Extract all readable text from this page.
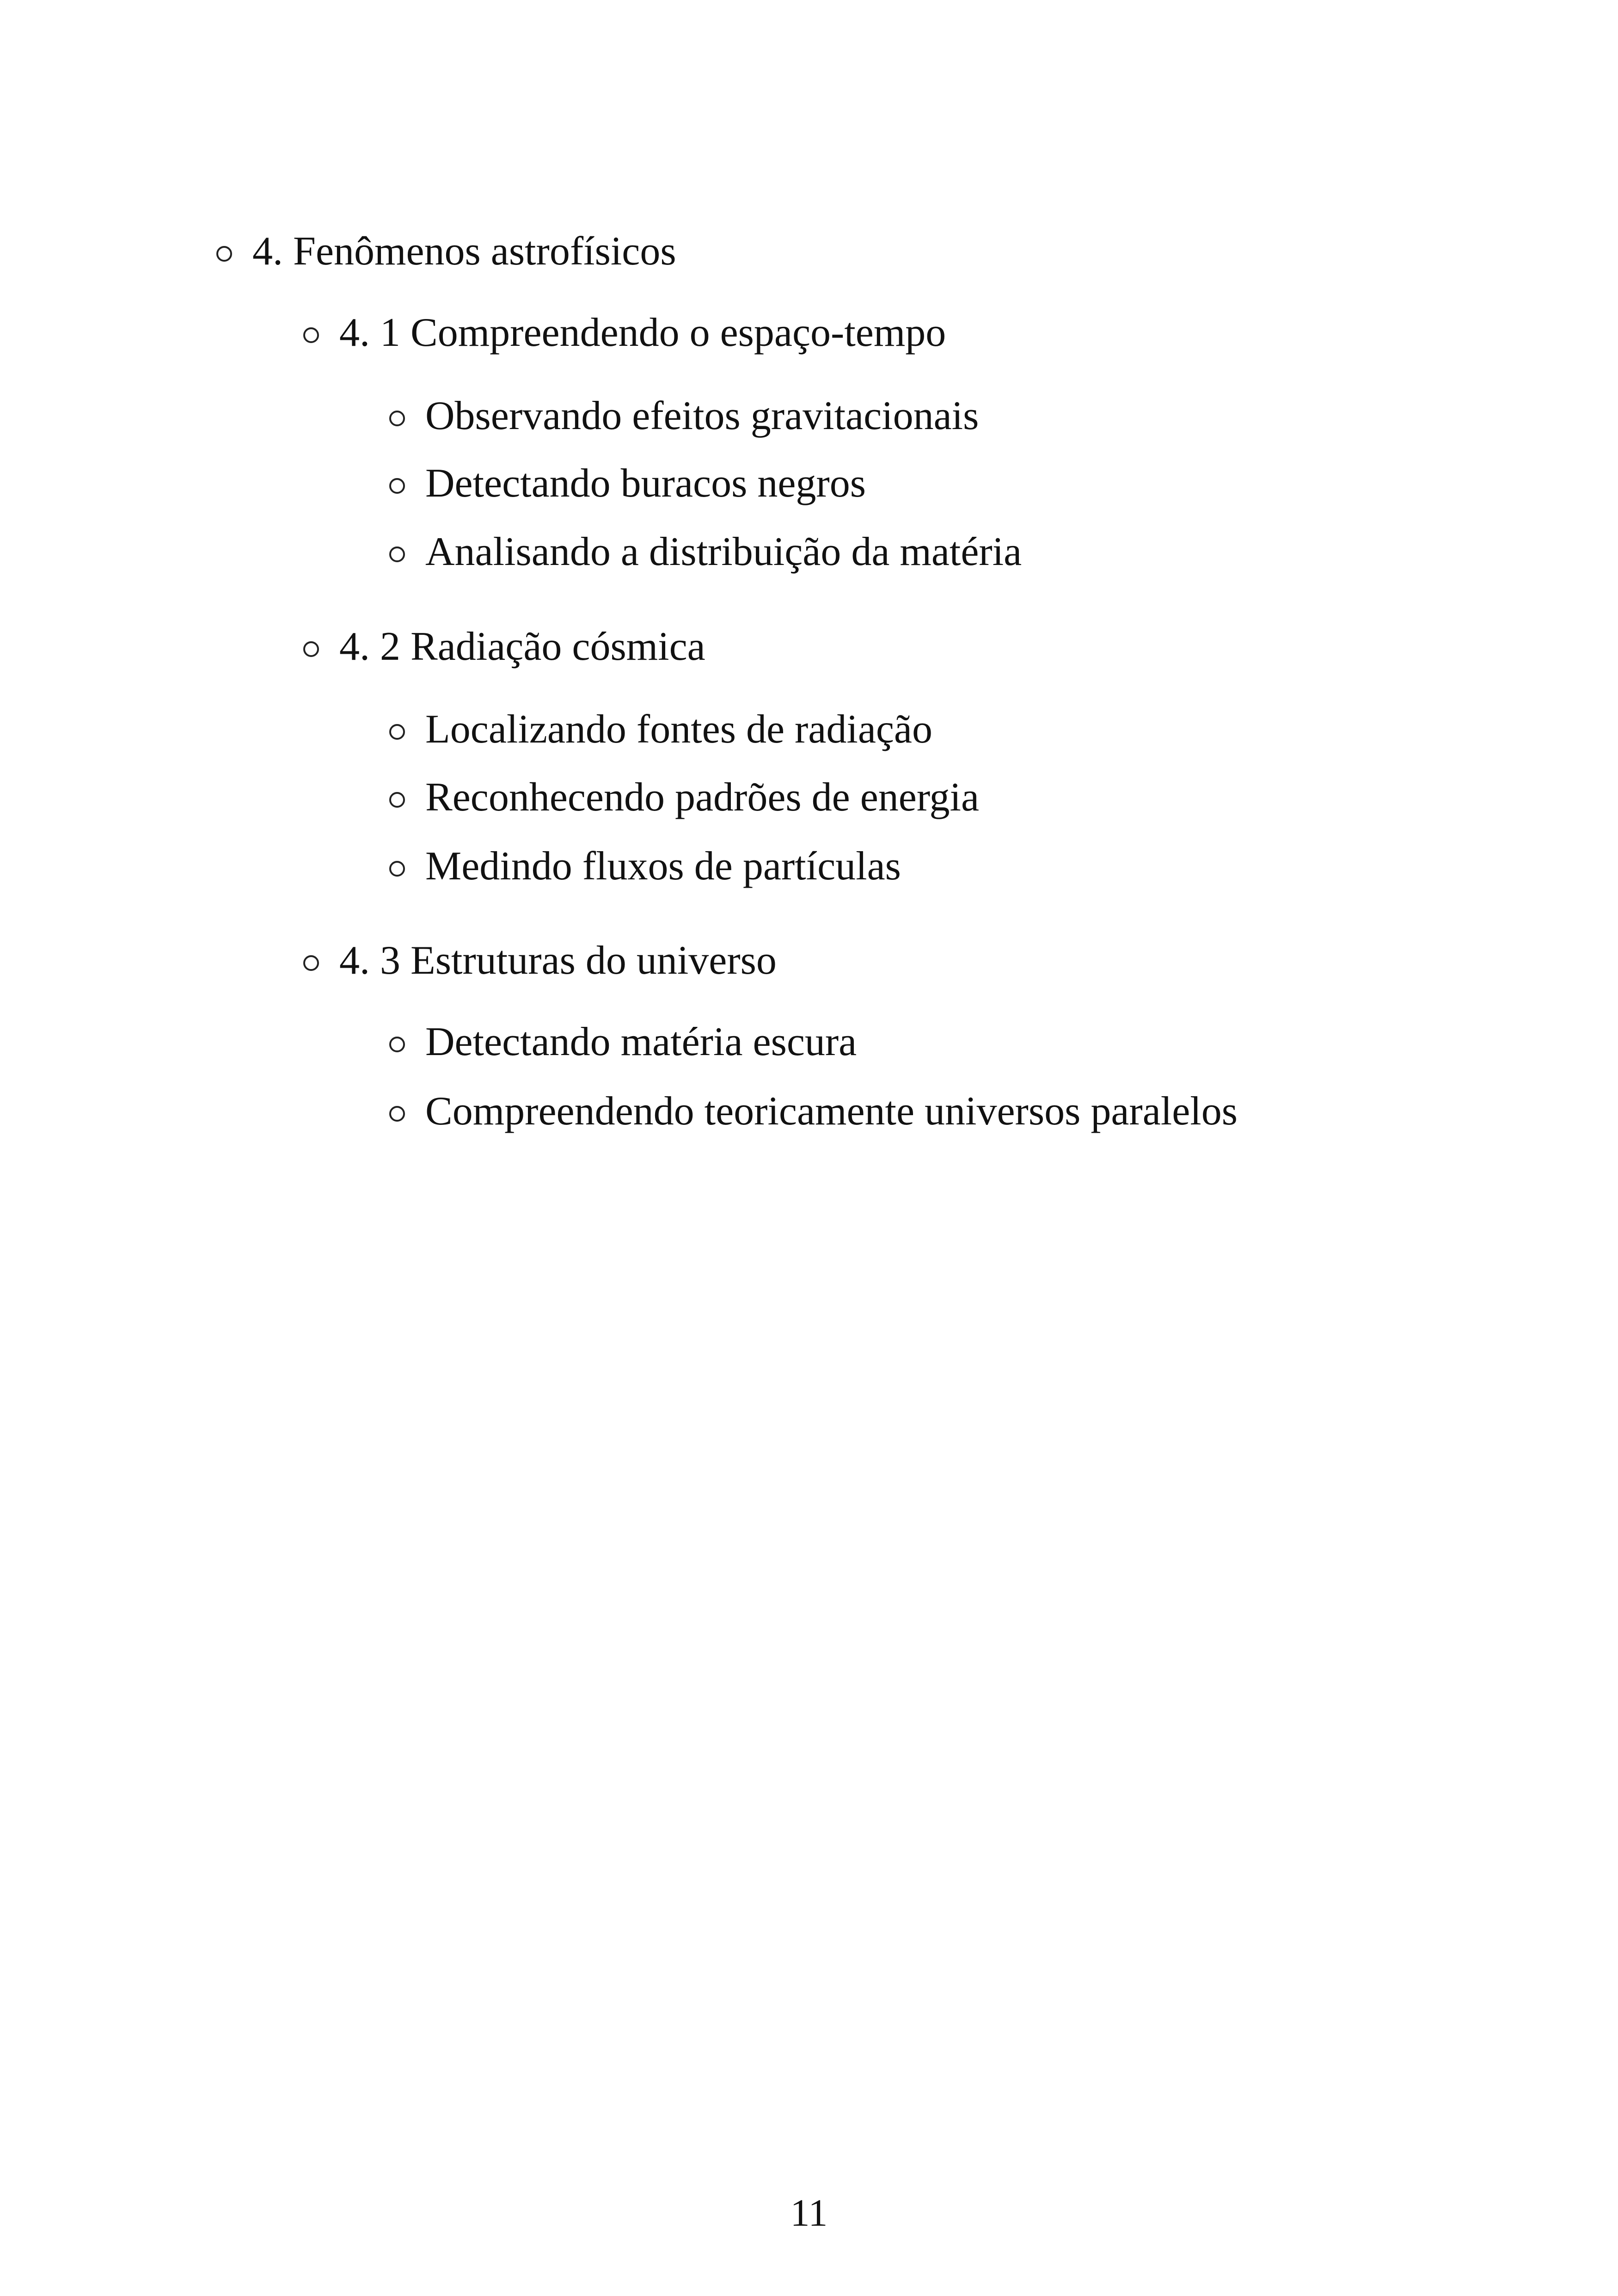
4. Fenômenos astrofísicos
4. 1 Compreendendo o espaço-tempo
Observando efeitos gravitacionais
Detectando buracos negros
Analisando a distribuição da matéria
4. 2 Radiação cósmica
Localizando fontes de radiação
Reconhecendo padrões de energia
Medindo fluxos de partículas
4. 3 Estruturas do universo
Detectando matéria escura
Compreendendo teoricamente universos paralelos
11
